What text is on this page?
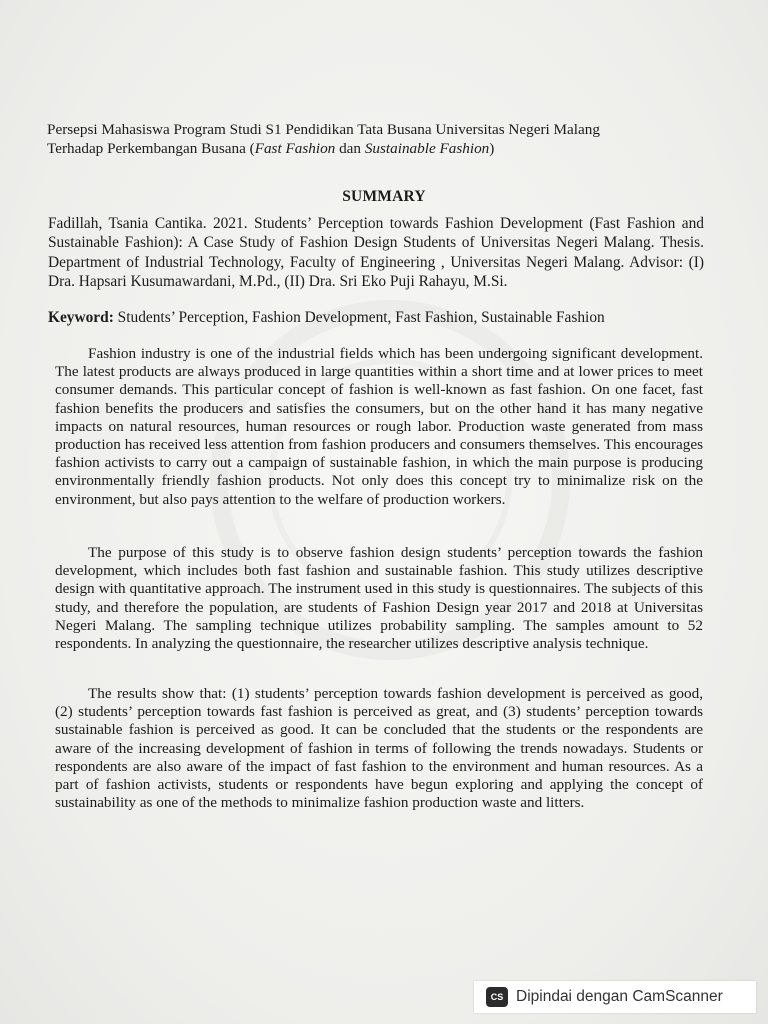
Persepsi Mahasiswa Program Studi S1 Pendidikan Tata Busana Universitas Negeri Malang
Terhadap Perkembangan Busana (Fast Fashion dan Sustainable Fashion)
SUMMARY
Fadillah, Tsania Cantika. 2021. Students’ Perception towards Fashion Development (Fast Fashion and Sustainable Fashion): A Case Study of Fashion Design Students of Universitas Negeri Malang. Thesis. Department of Industrial Technology, Faculty of Engineering , Universitas Negeri Malang. Advisor: (I) Dra. Hapsari Kusumawardani, M.Pd., (II) Dra. Sri Eko Puji Rahayu, M.Si.
Keyword: Students’ Perception, Fashion Development, Fast Fashion, Sustainable Fashion
Fashion industry is one of the industrial fields which has been undergoing significant development. The latest products are always produced in large quantities within a short time and at lower prices to meet consumer demands. This particular concept of fashion is well-known as fast fashion. On one facet, fast fashion benefits the producers and satisfies the consumers, but on the other hand it has many negative impacts on natural resources, human resources or rough labor. Production waste generated from mass production has received less attention from fashion producers and consumers themselves. This encourages fashion activists to carry out a campaign of sustainable fashion, in which the main purpose is producing environmentally friendly fashion products. Not only does this concept try to minimalize risk on the environment, but also pays attention to the welfare of production workers.
The purpose of this study is to observe fashion design students’ perception towards the fashion development, which includes both fast fashion and sustainable fashion. This study utilizes descriptive design with quantitative approach. The instrument used in this study is questionnaires. The subjects of this study, and therefore the population, are students of Fashion Design year 2017 and 2018 at Universitas Negeri Malang. The sampling technique utilizes probability sampling. The samples amount to 52 respondents. In analyzing the questionnaire, the researcher utilizes descriptive analysis technique.
The results show that: (1) students’ perception towards fashion development is perceived as good, (2) students’ perception towards fast fashion is perceived as great, and (3) students’ perception towards sustainable fashion is perceived as good. It can be concluded that the students or the respondents are aware of the increasing development of fashion in terms of following the trends nowadays. Students or respondents are also aware of the impact of fast fashion to the environment and human resources. As a part of fashion activists, students or respondents have begun exploring and applying the concept of sustainability as one of the methods to minimalize fashion production waste and litters.
CS Dipindai dengan CamScanner
